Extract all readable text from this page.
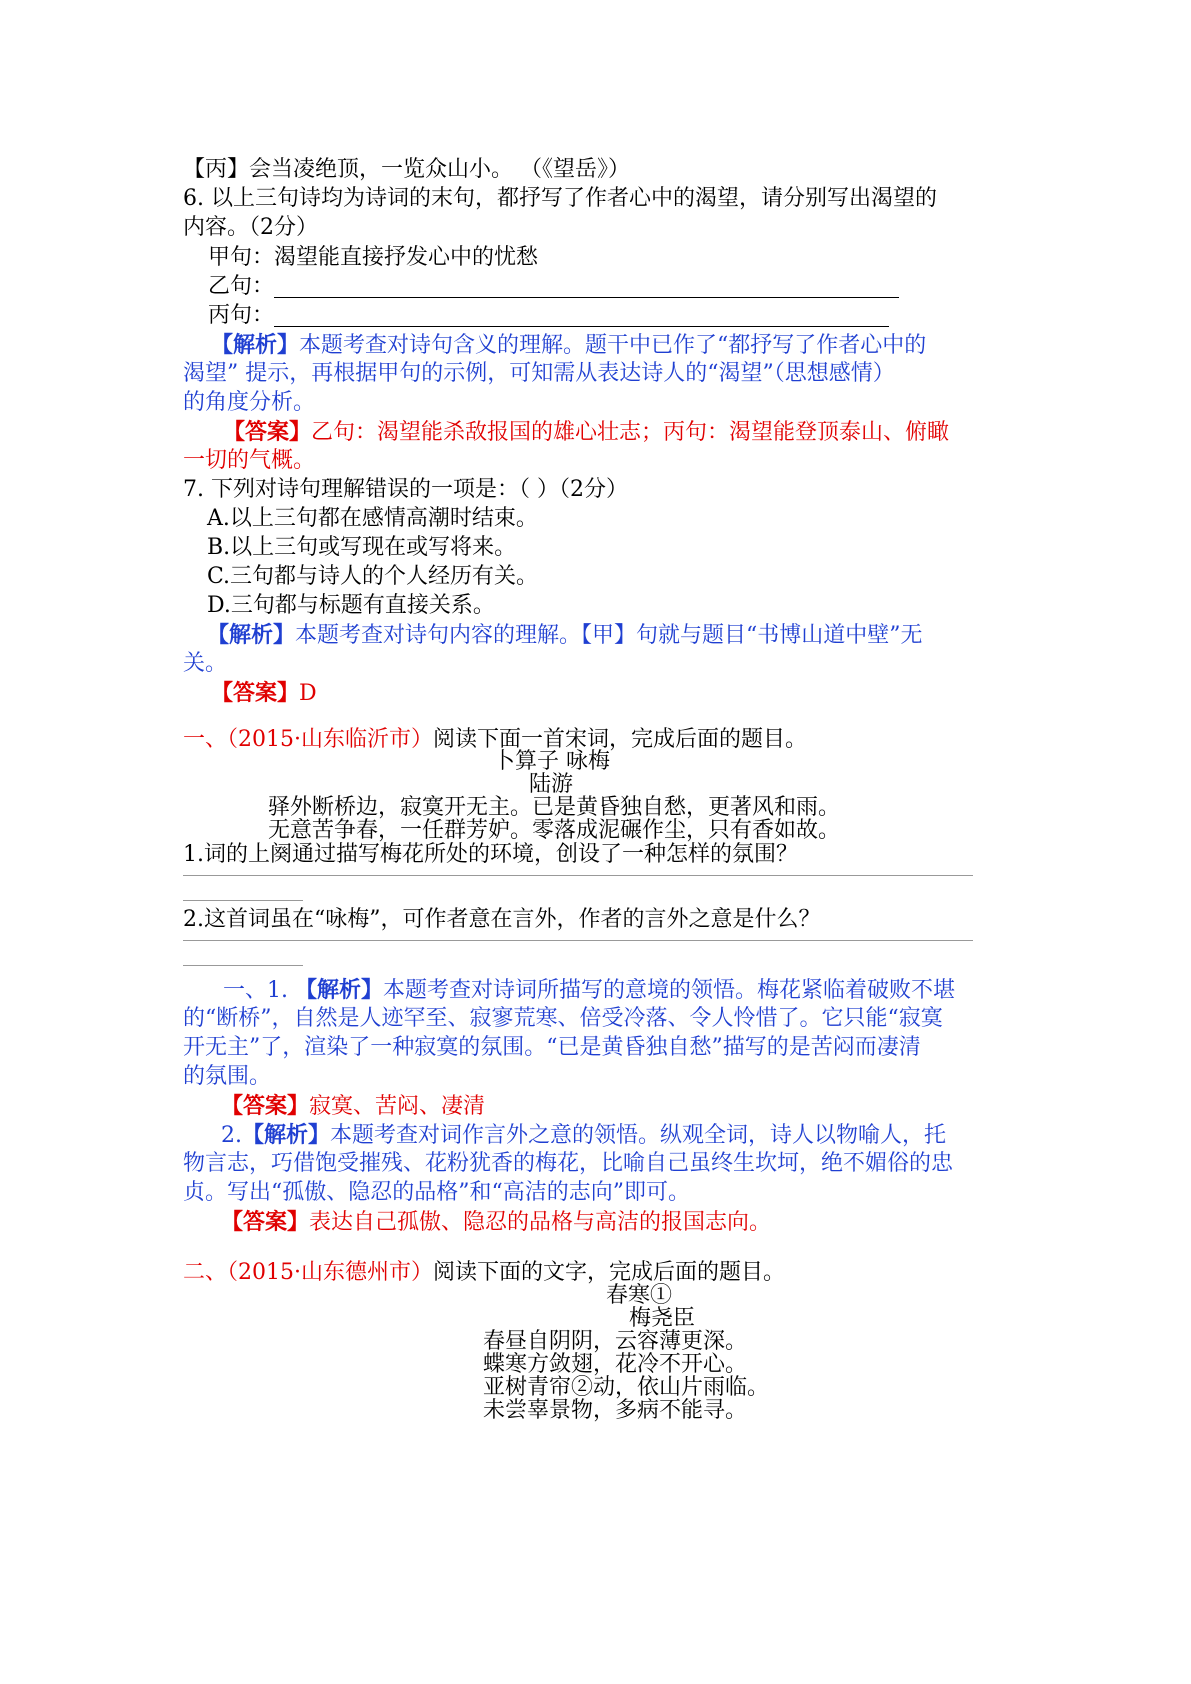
【丙】会当凌绝顶，一览众山小。 （《望岳》）
6. 以上三句诗均为诗词的末句，都抒写了作者心中的渴望，请分别写出渴望的
内容。（2分）
甲句：渴望能直接抒发心中的忧愁
乙句：
丙句：
【解析】本题考查对诗句含义的理解。题干中已作了“都抒写了作者心中的
渴望” 提示，再根据甲句的示例，可知需从表达诗人的“渴望”（思想感情）
的角度分析。
【答案】乙句：渴望能杀敌报国的雄心壮志；丙句：渴望能登顶泰山、俯瞰
一切的气概。
7. 下列对诗句理解错误的一项是：（ ）（2分）
A.以上三句都在感情高潮时结束。
B.以上三句或写现在或写将来。
C.三句都与诗人的个人经历有关。
D.三句都与标题有直接关系。
【解析】本题考查对诗句内容的理解。【甲】句就与题目“书博山道中壁”无
关。
【答案】D
一、（2015·山东临沂市）阅读下面一首宋词，完成后面的题目。
卜算子 咏梅
陆游
驿外断桥边，寂寞开无主。已是黄昏独自愁，更著风和雨。
无意苦争春，一任群芳妒。零落成泥碾作尘，只有香如故。
1.词的上阕通过描写梅花所处的环境，创设了一种怎样的氛围？
2.这首词虽在“咏梅”，可作者意在言外，作者的言外之意是什么？
一、1. 【解析】本题考查对诗词所描写的意境的领悟。梅花紧临着破败不堪
的“断桥”，自然是人迹罕至、寂寥荒寒、倍受冷落、令人怜惜了。它只能“寂寞
开无主”了，渲染了一种寂寞的氛围。“已是黄昏独自愁”描写的是苦闷而凄清
的氛围。
【答案】寂寞、苦闷、凄清
2.【解析】本题考查对词作言外之意的领悟。纵观全词，诗人以物喻人，托
物言志，巧借饱受摧残、花粉犹香的梅花，比喻自己虽终生坎坷，绝不媚俗的忠
贞。写出“孤傲、隐忍的品格”和“高洁的志向”即可。
【答案】表达自己孤傲、隐忍的品格与高洁的报国志向。
二、（2015·山东德州市）阅读下面的文字，完成后面的题目。
春寒①
梅尧臣
春昼自阴阴，云容薄更深。
蝶寒方敛翅，花冷不开心。
亚树青帘②动，依山片雨临。
未尝辜景物，多病不能寻。
